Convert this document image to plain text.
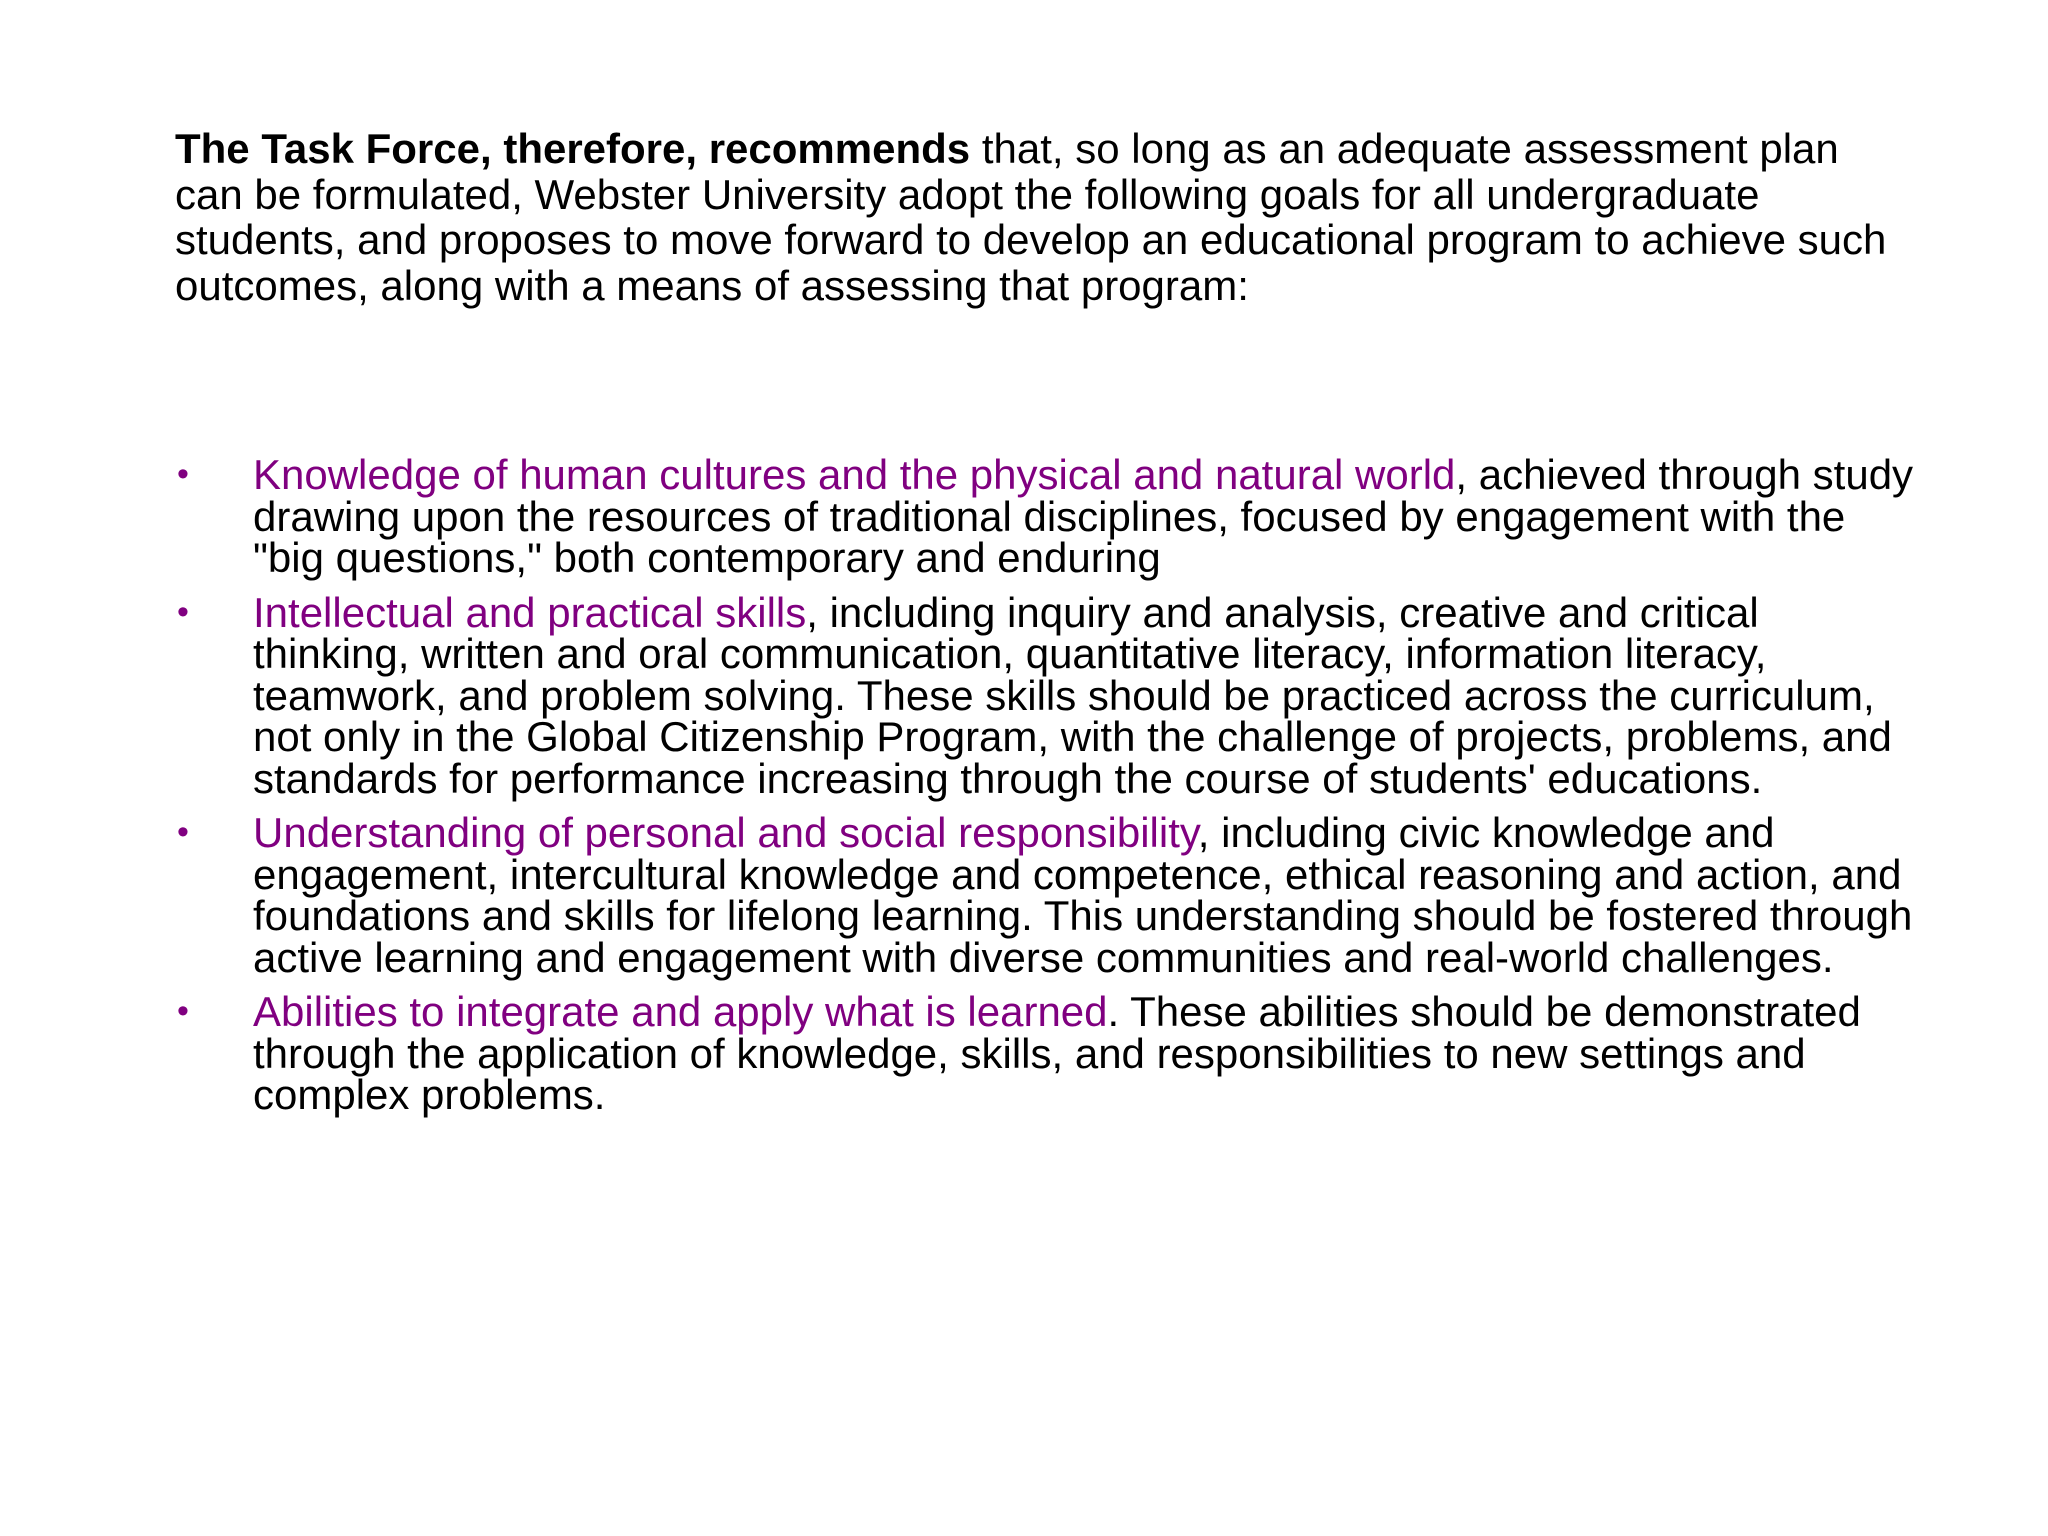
The Task Force, therefore, recommends that, so long as an adequate assessment plan can be formulated, Webster University adopt the following goals for all undergraduate students, and proposes to move forward to develop an educational program to achieve such outcomes, along with a means of assessing that program:

• Knowledge of human cultures and the physical and natural world, achieved through study drawing upon the resources of traditional disciplines, focused by engagement with the "big questions," both contemporary and enduring
• Intellectual and practical skills, including inquiry and analysis, creative and critical thinking, written and oral communication, quantitative literacy, information literacy, teamwork, and problem solving. These skills should be practiced across the curriculum, not only in the Global Citizenship Program, with the challenge of projects, problems, and standards for performance increasing through the course of students' educations.
• Understanding of personal and social responsibility, including civic knowledge and engagement, intercultural knowledge and competence, ethical reasoning and action, and foundations and skills for lifelong learning. This understanding should be fostered through active learning and engagement with diverse communities and real-world challenges.
• Abilities to integrate and apply what is learned. These abilities should be demonstrated through the application of knowledge, skills, and responsibilities to new settings and complex problems.
